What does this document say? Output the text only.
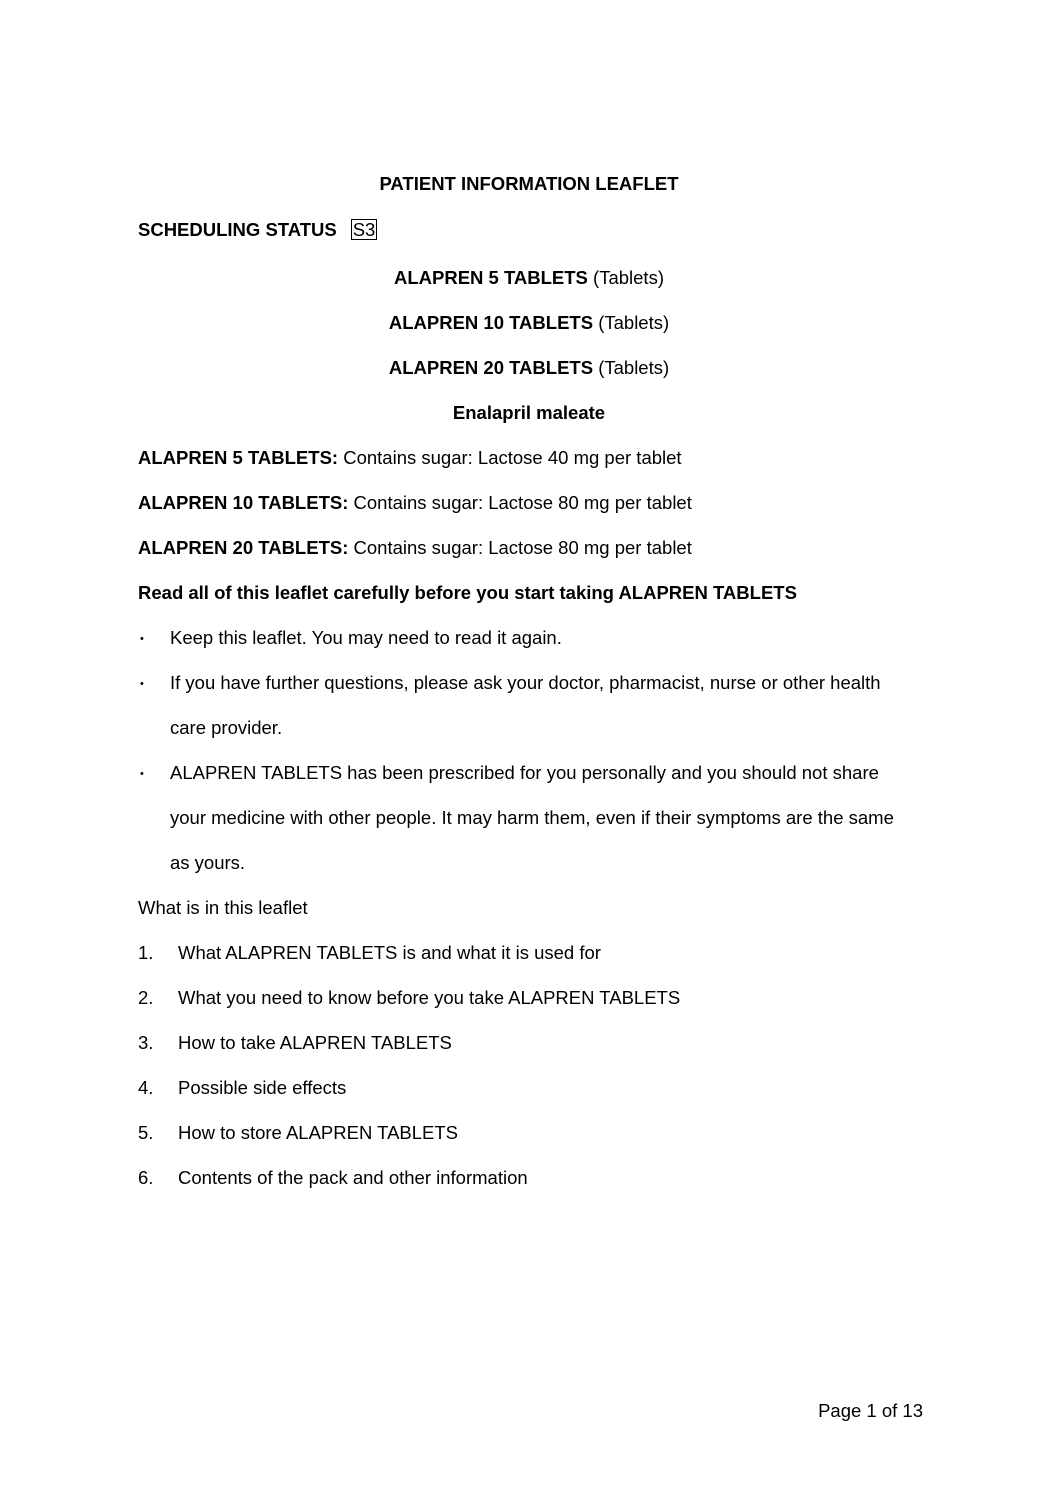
PATIENT INFORMATION LEAFLET
SCHEDULING STATUS S3
ALAPREN 5 TABLETS (Tablets)
ALAPREN 10 TABLETS (Tablets)
ALAPREN 20 TABLETS (Tablets)
Enalapril maleate
ALAPREN 5 TABLETS: Contains sugar: Lactose 40 mg per tablet
ALAPREN 10 TABLETS: Contains sugar: Lactose 80 mg per tablet
ALAPREN 20 TABLETS: Contains sugar: Lactose 80 mg per tablet
Read all of this leaflet carefully before you start taking ALAPREN TABLETS
• Keep this leaflet. You may need to read it again.
• If you have further questions, please ask your doctor, pharmacist, nurse or other health
care provider.
• ALAPREN TABLETS has been prescribed for you personally and you should not share
your medicine with other people. It may harm them, even if their symptoms are the same
as yours.
What is in this leaflet
1. What ALAPREN TABLETS is and what it is used for
2. What you need to know before you take ALAPREN TABLETS
3. How to take ALAPREN TABLETS
4. Possible side effects
5. How to store ALAPREN TABLETS
6. Contents of the pack and other information
Page 1 of 13
